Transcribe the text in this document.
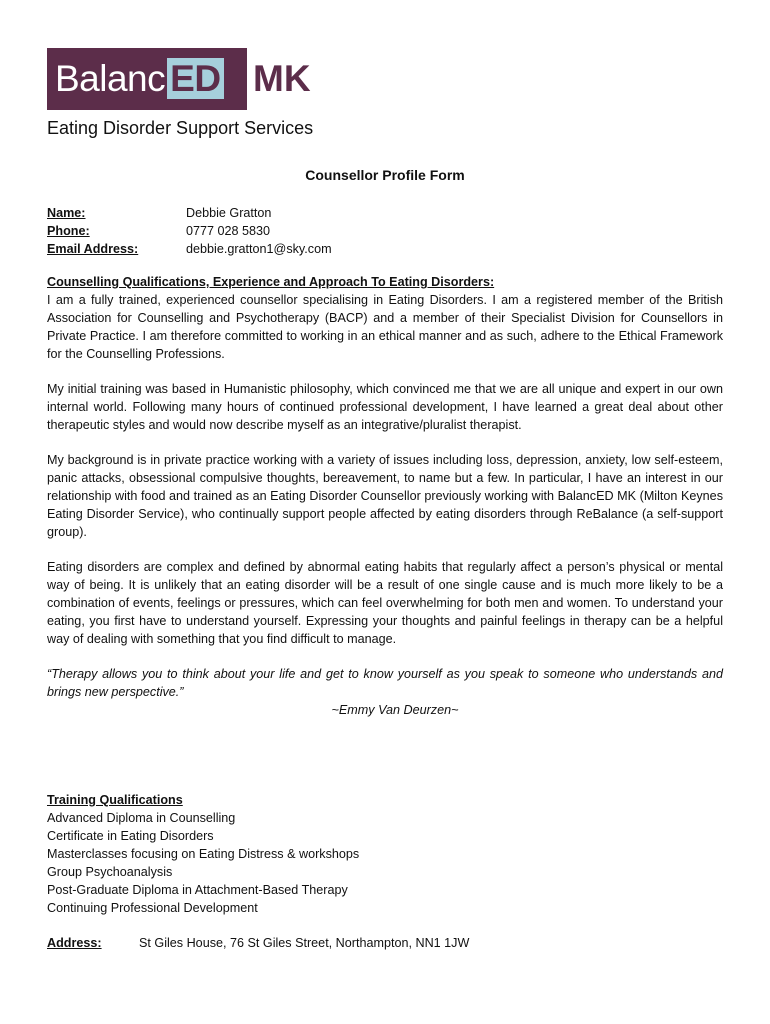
Balanc ED MK
Eating Disorder Support Services
Counsellor Profile Form
Name:	Debbie Gratton
Phone:	0777 028 5830
Email Address:	debbie.gratton1@sky.com
Counselling Qualifications, Experience and Approach To Eating Disorders:

I am a fully trained, experienced counsellor specialising in Eating Disorders. I am a registered member of the British Association for Counselling and Psychotherapy (BACP) and a member of their Specialist Division for Counsellors in Private Practice. I am therefore committed to working in an ethical manner and as such, adhere to the Ethical Framework for the Counselling Professions.

My initial training was based in Humanistic philosophy, which convinced me that we are all unique and expert in our own internal world. Following many hours of continued professional development, I have learned a great deal about other therapeutic styles and would now describe myself as an integrative/pluralist therapist.

My background is in private practice working with a variety of issues including loss, depression, anxiety, low self-esteem, panic attacks, obsessional compulsive thoughts, bereavement, to name but a few. In particular, I have an interest in our relationship with food and trained as an Eating Disorder Counsellor previously working with BalancED MK (Milton Keynes Eating Disorder Service), who continually support people affected by eating disorders through ReBalance (a self-support group).

Eating disorders are complex and defined by abnormal eating habits that regularly affect a person’s physical or mental way of being. It is unlikely that an eating disorder will be a result of one single cause and is much more likely to be a combination of events, feelings or pressures, which can feel overwhelming for both men and women. To understand your eating, you first have to understand yourself. Expressing your thoughts and painful feelings in therapy can be a helpful way of dealing with something that you find difficult to manage.

“Therapy allows you to think about your life and get to know yourself as you speak to someone who understands and brings new perspective.”

~Emmy Van Deurzen~
Training Qualifications
Advanced Diploma in Counselling
Certificate in Eating Disorders
Masterclasses focusing on Eating Distress & workshops
Group Psychoanalysis
Post-Graduate Diploma in Attachment-Based Therapy
Continuing Professional Development
Address:	St Giles House, 76 St Giles Street, Northampton, NN1 1JW
